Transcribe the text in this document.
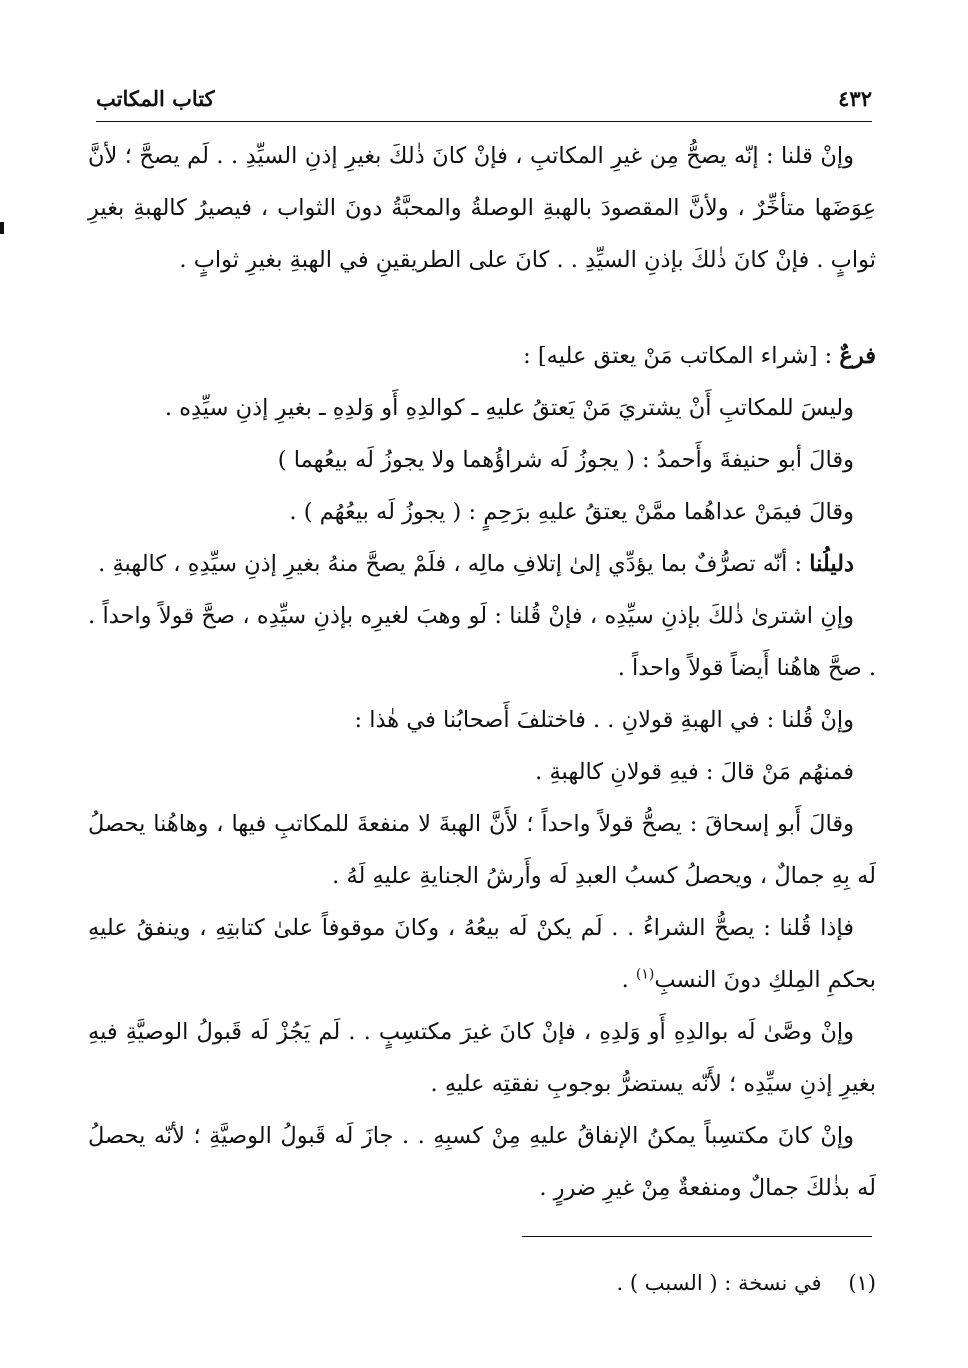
٤٣٢
كتاب المكاتب

وإنْ قلنا : إنّه يصحُّ مِن غيرِ المكاتبِ ، فإنْ كانَ ذٰلكَ بغيرِ إذنِ السيِّدِ . . لَم يصحَّ ؛ لأنَّ عِوَضَها متأخِّرٌ ، ولأنَّ المقصودَ بالهبةِ الوصلةُ والمحبَّةُ دونَ الثواب ، فيصيرُ كالهبةِ بغيرِ ثوابٍ . فإنْ كانَ ذٰلكَ بإذنِ السيِّدِ . . كانَ على الطريقينِ في الهبةِ بغيرِ ثوابٍ .

فرعٌ : [شراء المكاتب مَنْ يعتق عليه] :

وليسَ للمكاتبِ أَنْ يشتريَ مَنْ يَعتقُ عليهِ ـ كوالدِهِ أَو وَلدِهِ ـ بغيرِ إذنِ سيِّدِه .

وقالَ أبو حنيفةَ وأَحمدُ : ( يجوزُ لَه شراؤُهما ولا يجوزُ لَه بيعُهما )

وقالَ فيمَنْ عداهُما ممَّنْ يعتقُ عليهِ برَحِمٍ : ( يجوزُ لَه بيعُهُم ) .

دليلُنا : أنّه تصرُّفٌ بما يؤدِّي إلىٰ إتلافِ مالِه ، فلَمْ يصحَّ منهُ بغيرِ إذنِ سيِّدِهِ ، كالهبةِ .

وإنِ اشترىٰ ذٰلكَ بإذنِ سيِّدِه ، فإنْ قُلنا : لَو وهبَ لغيرِه بإذنِ سيِّدِه ، صحَّ قولاً واحداً . . صحَّ هاهُنا أَيضاً قولاً واحداً .

وإنْ قُلنا : في الهبةِ قولانِ . . فاختلفَ أَصحابُنا في هٰذا :

فمنهُم مَنْ قالَ : فيهِ قولانِ كالهبةِ .

وقالَ أَبو إسحاقَ : يصحُّ قولاً واحداً ؛ لأَنَّ الهبةَ لا منفعةَ للمكاتبِ فيها ، وهاهُنا يحصلُ لَه بِهِ جمالٌ ، ويحصلُ كسبُ العبدِ لَه وأَرشُ الجنايةِ عليهِ لَهُ .

فإذا قُلنا : يصحُّ الشراءُ . . لَم يكنْ لَه بيعُهُ ، وكانَ موقوفاً علىٰ كتابتِهِ ، وينفقُ عليهِ بحكمِ المِلكِ دونَ النسبِ$^{(١)}$ .

وإنْ وصَّىٰ لَه بوالدِهِ أَو وَلدِهِ ، فإنْ كانَ غيرَ مكتسِبٍ . . لَم يَجُزْ لَه قَبولُ الوصيَّةِ فيهِ بغيرِ إذنِ سيِّدِه ؛ لأَنّه يستضرُّ بوجوبِ نفقتِه عليهِ .

وإنْ كانَ مكتسِباً يمكنُ الإنفاقُ عليهِ مِنْ كسبِهِ . . جازَ لَه قَبولُ الوصيَّةِ ؛ لأنّه يحصلُ لَه بذٰلكَ جمالٌ ومنفعةٌ مِنْ غيرِ ضررٍ .

(١)    في نسخة : ( السبب ) .
